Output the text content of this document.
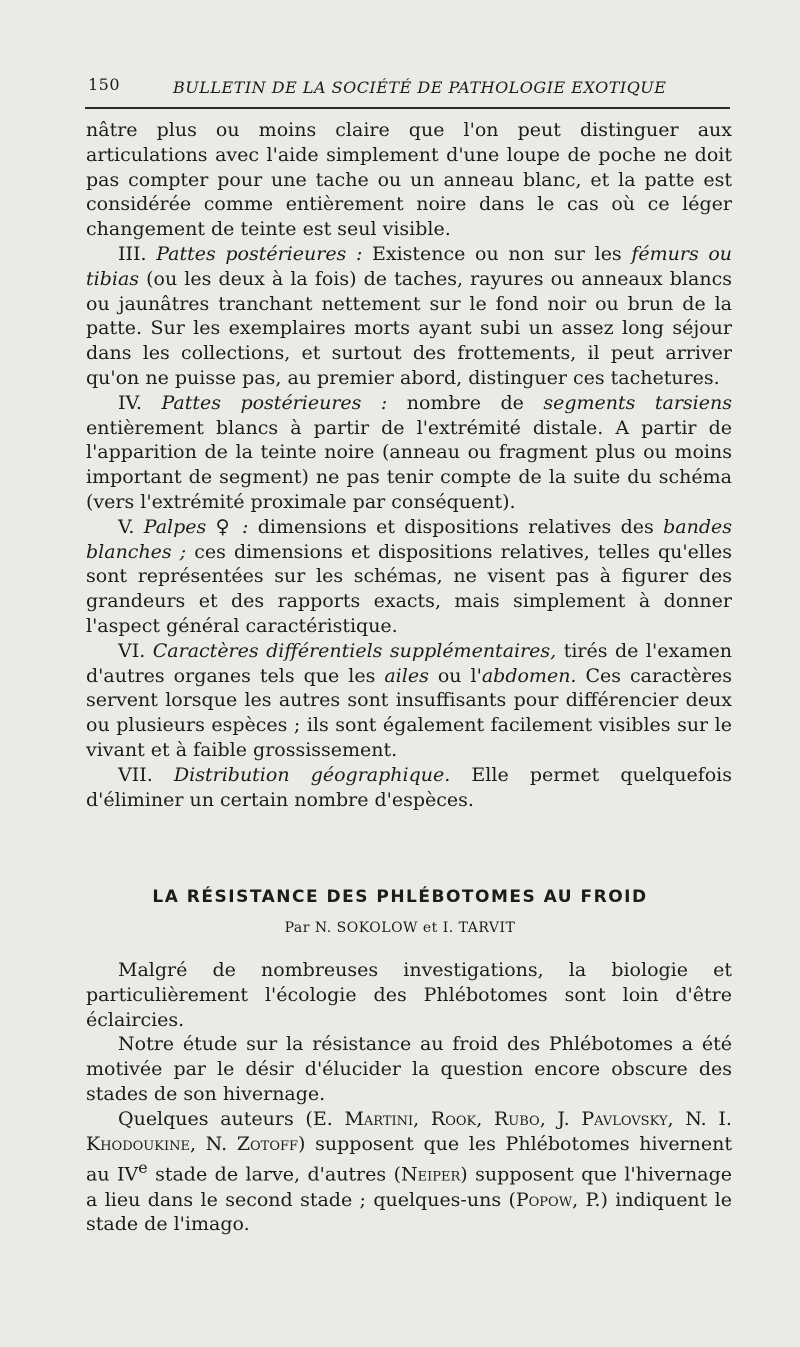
150	BULLETIN DE LA SOCIÉTÉ DE PATHOLOGIE EXOTIQUE

nâtre plus ou moins claire que l'on peut distinguer aux articulations avec l'aide simplement d'une loupe de poche ne doit pas compter pour une tache ou un anneau blanc, et la patte est considérée comme entièrement noire dans le cas où ce léger changement de teinte est seul visible.

III. Pattes postérieures : Existence ou non sur les fémurs ou tibias (ou les deux à la fois) de taches, rayures ou anneaux blancs ou jaunâtres tranchant nettement sur le fond noir ou brun de la patte. Sur les exemplaires morts ayant subi un assez long séjour dans les collections, et surtout des frottements, il peut arriver qu'on ne puisse pas, au premier abord, distinguer ces tachetures.

IV. Pattes postérieures : nombre de segments tarsiens entièrement blancs à partir de l'extrémité distale. A partir de l'apparition de la teinte noire (anneau ou fragment plus ou moins important de segment) ne pas tenir compte de la suite du schéma (vers l'extrémité proximale par conséquent).

V. Palpes ♀ : dimensions et dispositions relatives des bandes blanches ; ces dimensions et dispositions relatives, telles qu'elles sont représentées sur les schémas, ne visent pas à figurer des grandeurs et des rapports exacts, mais simplement à donner l'aspect général caractéristique.

VI. Caractères différentiels supplémentaires, tirés de l'examen d'autres organes tels que les ailes ou l'abdomen. Ces caractères servent lorsque les autres sont insuffisants pour différencier deux ou plusieurs espèces ; ils sont également facilement visibles sur le vivant et à faible grossissement.

VII. Distribution géographique. Elle permet quelquefois d'éliminer un certain nombre d'espèces.

LA RÉSISTANCE DES PHLÉBOTOMES AU FROID
Par N. SOKOLOW et I. TARVIT

Malgré de nombreuses investigations, la biologie et particulièrement l'écologie des Phlébotomes sont loin d'être éclaircies.

Notre étude sur la résistance au froid des Phlébotomes a été motivée par le désir d'élucider la question encore obscure des stades de son hivernage.

Quelques auteurs (E. Martini, Rook, Rubo, J. Pavlovsky, N. I. Khodoukine, N. Zotoff) supposent que les Phlébotomes hivernent au IVe stade de larve, d'autres (Neiper) supposent que l'hivernage a lieu dans le second stade ; quelques-uns (Popow, P.) indiquent le stade de l'imago.
